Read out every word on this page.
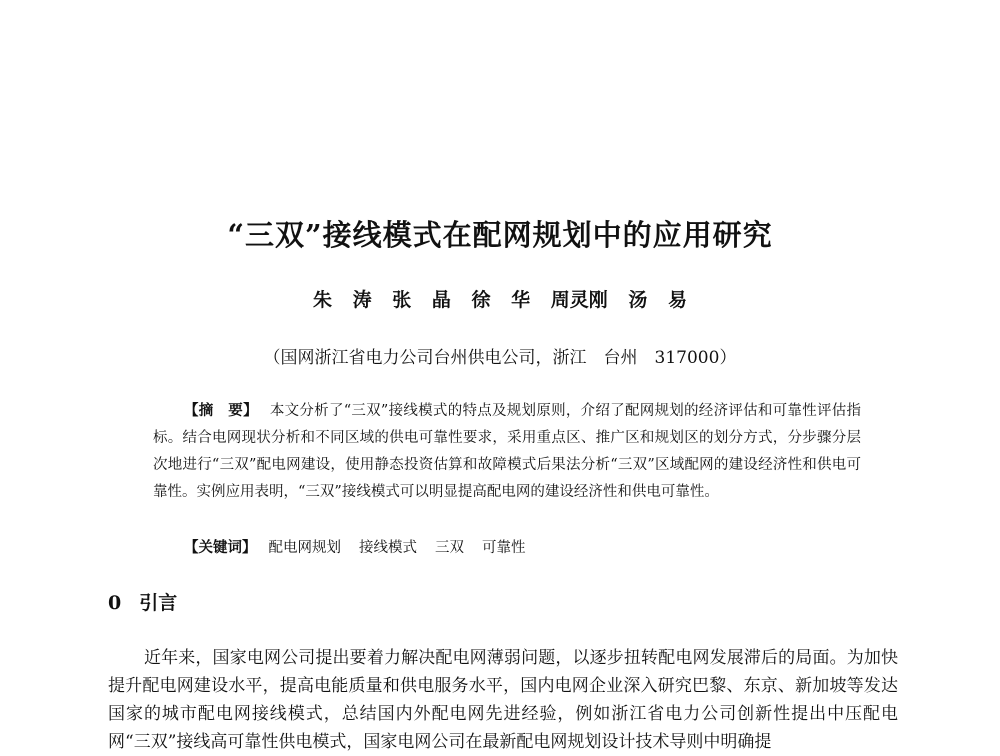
“三双”接线模式在配网规划中的应用研究
朱 涛 张 晶 徐 华 周灵刚 汤 易
（国网浙江省电力公司台州供电公司，浙江　台州　317000）

【摘　要】 本文分析了“三双”接线模式的特点及规划原则，介绍了配网规划的经济评估和可靠性评估指标。结合电网现状分析和不同区域的供电可靠性要求，采用重点区、推广区和规划区的划分方式，分步骤分层次地进行“三双”配电网建设，使用静态投资估算和故障模式后果法分析“三双”区域配网的建设经济性和供电可靠性。实例应用表明，“三双”接线模式可以明显提高配电网的建设经济性和供电可靠性。

【关键词】 配电网规划 接线模式 三双 可靠性

0 引言

近年来，国家电网公司提出要着力解决配电网薄弱问题，以逐步扭转配电网发展滞后的局面。为加快提升配电网建设水平，提高电能质量和供电服务水平，国内电网企业深入研究巴黎、东京、新加坡等发达国家的城市配电网接线模式，总结国内外配电网先进经验，例如浙江省电力公司创新性提出中压配电网“三双”接线高可靠性供电模式，国家电网公司在最新配电网规划设计技术导则中明确提
